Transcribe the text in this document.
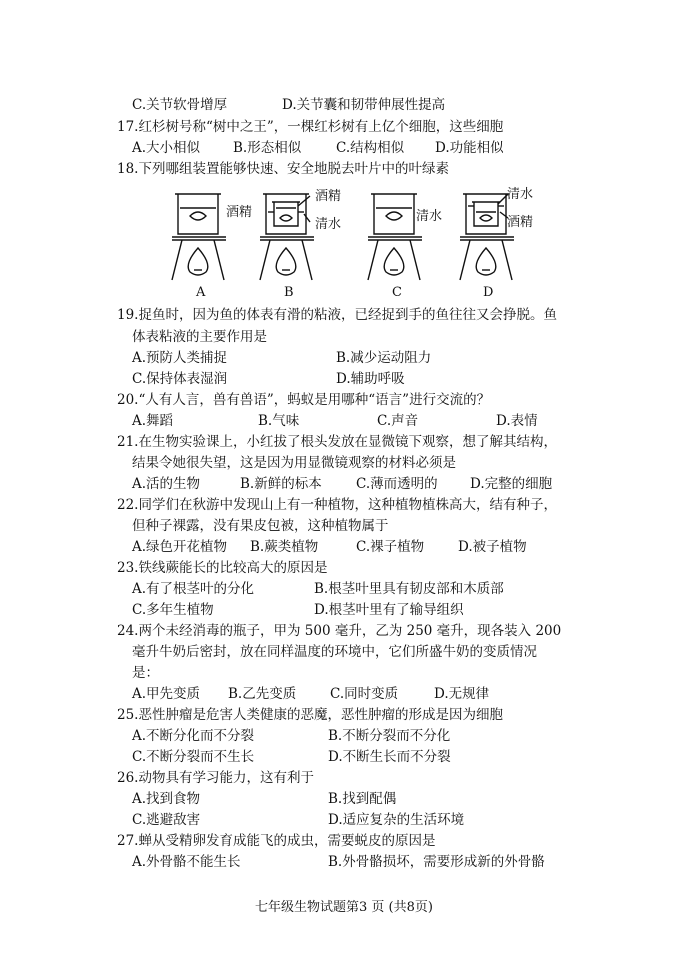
C.关节软骨增厚	D.关节囊和韧带伸展性提高
17.红杉树号称“树中之王”，一棵红杉树有上亿个细胞，这些细胞
A.大小相似 B.形态相似	C.结构相似 D.功能相似
18.下列哪组装置能够快速、安全地脱去叶片中的叶绿素
酒精
酒精
清水
清水
清水
酒精
A	B	C	D
19.捉鱼时，因为鱼的体表有滑的粘液，已经捉到手的鱼往往又会挣脱。鱼
体表粘液的主要作用是
A.预防人类捕捉	B.减少运动阻力
C.保持体表湿润	D.辅助呼吸
20.“人有人言，兽有兽语”，蚂蚁是用哪种“语言”进行交流的？
A.舞蹈	B.气味	C.声音	D.表情
21.在生物实验课上，小红拔了根头发放在显微镜下观察，想了解其结构，
结果令她很失望，这是因为用显微镜观察的材料必须是
A.活的生物	B.新鲜的标本	C.薄而透明的 D.完整的细胞
22.同学们在秋游中发现山上有一种植物，这种植物植株高大，结有种子，
但种子裸露，没有果皮包被，这种植物属于
A.绿色开花植物 B.蕨类植物	C.裸子植物	D.被子植物
23.铁线蕨能长的比较高大的原因是
A.有了根茎叶的分化	B.根茎叶里具有韧皮部和木质部
C.多年生植物	D.根茎叶里有了输导组织
24.两个未经消毒的瓶子，甲为 500 毫升，乙为 250 毫升，现各装入 200
毫升牛奶后密封，放在同样温度的环境中，它们所盛牛奶的变质情况
是：
A.甲先变质 B.乙先变质	C.同时变质	D.无规律
25.恶性肿瘤是危害人类健康的恶魔，恶性肿瘤的形成是因为细胞
A.不断分化而不分裂	B.不断分裂而不分化
C.不断分裂而不生长	D.不断生长而不分裂
26.动物具有学习能力，这有利于
A.找到食物	B.找到配偶
C.逃避敌害	D.适应复杂的生活环境
27.蝉从受精卵发育成能飞的成虫，需要蜕皮的原因是
A.外骨骼不能生长	B.外骨骼损坏，需要形成新的外骨骼
七年级生物试题第3 页 (共8页)
